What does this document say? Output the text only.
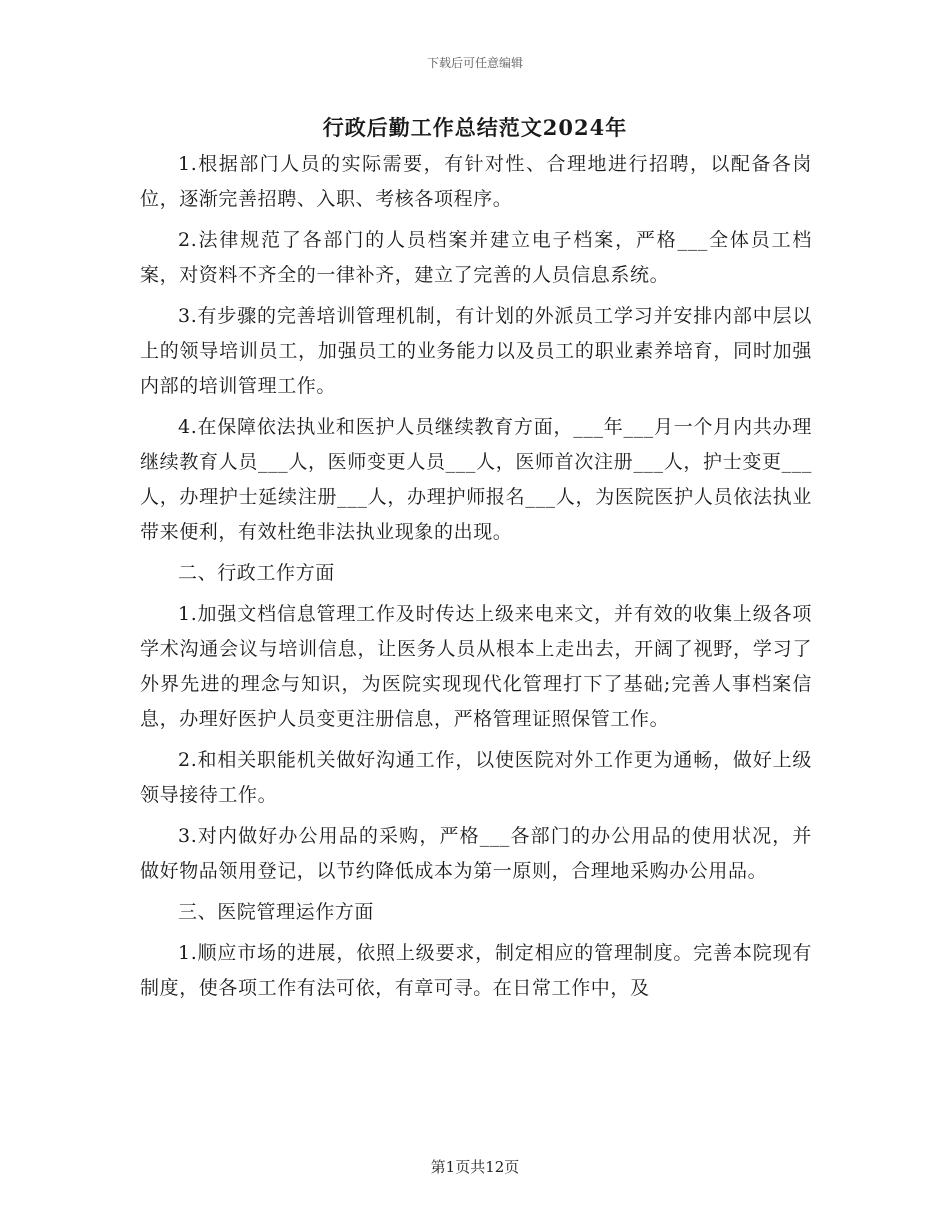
下载后可任意编辑
行政后勤工作总结范文2024年

1.根据部门人员的实际需要，有针对性、合理地进行招聘，以配备各岗位，逐渐完善招聘、入职、考核各项程序。

2.法律规范了各部门的人员档案并建立电子档案，严格___全体员工档案，对资料不齐全的一律补齐，建立了完善的人员信息系统。

3.有步骤的完善培训管理机制，有计划的外派员工学习并安排内部中层以上的领导培训员工，加强员工的业务能力以及员工的职业素养培育，同时加强内部的培训管理工作。

4.在保障依法执业和医护人员继续教育方面，___年___月一个月内共办理继续教育人员___人，医师变更人员___人，医师首次注册___人，护士变更___人，办理护士延续注册___人，办理护师报名___人，为医院医护人员依法执业带来便利，有效杜绝非法执业现象的出现。

二、行政工作方面

1.加强文档信息管理工作及时传达上级来电来文，并有效的收集上级各项学术沟通会议与培训信息，让医务人员从根本上走出去，开阔了视野，学习了外界先进的理念与知识，为医院实现现代化管理打下了基础;完善人事档案信息，办理好医护人员变更注册信息，严格管理证照保管工作。

2.和相关职能机关做好沟通工作，以使医院对外工作更为通畅，做好上级领导接待工作。

3.对内做好办公用品的采购，严格___各部门的办公用品的使用状况，并做好物品领用登记，以节约降低成本为第一原则，合理地采购办公用品。

三、医院管理运作方面

1.顺应市场的进展，依照上级要求，制定相应的管理制度。完善本院现有制度，使各项工作有法可依，有章可寻。在日常工作中，及

第1页共12页
